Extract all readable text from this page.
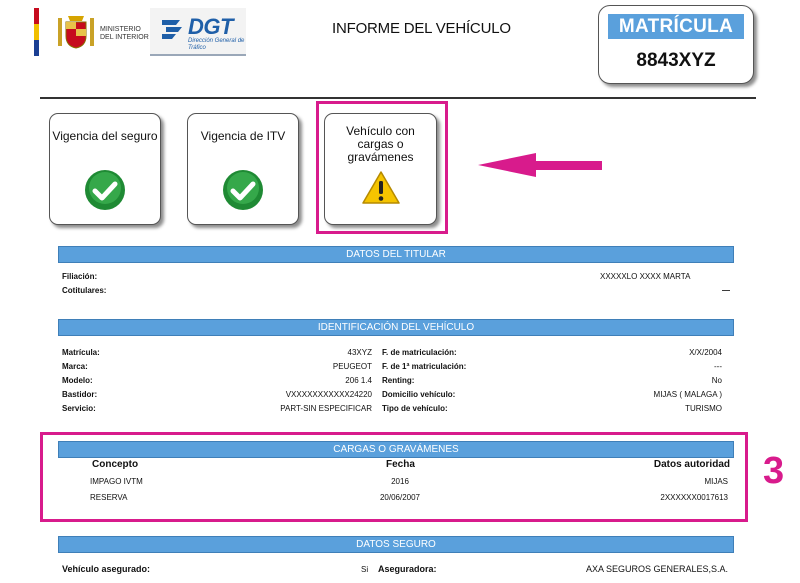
MINISTERIO DEL INTERIOR DGT
Dirección General de Tráfico
INFORME DEL VEHÍCULO	MATRÍCULA
8843XYZ
Vigencia del seguro	Vigencia de ITV	Vehículo con cargas o gravámenes
DATOS DEL TITULAR
Filiación:	XXXXXLO XXXX MARTA
Cotitulares:	—
IDENTIFICACIÓN DEL VEHÍCULO
Matrícula:	43XYZ
Marca:	PEUGEOT
Modelo:	206 1.4
Bastidor:	VXXXXXXXXXXX24220
Servicio:	PART-SIN ESPECIFICAR
F. de matriculación:	X/X/2004
F. de 1ª matriculación:	---
Renting:	No
Domicilio vehículo:	MIJAS ( MALAGA )
Tipo de vehículo:	TURISMO
3
CARGAS O GRAVÁMENES
Concepto	Fecha	Datos autoridad
IMPAGO IVTM	2016	MIJAS
RESERVA	20/06/2007	2XXXXXX0017613
DATOS SEGURO
Vehículo asegurado:	Si Aseguradora:	AXA SEGUROS GENERALES,S.A.
